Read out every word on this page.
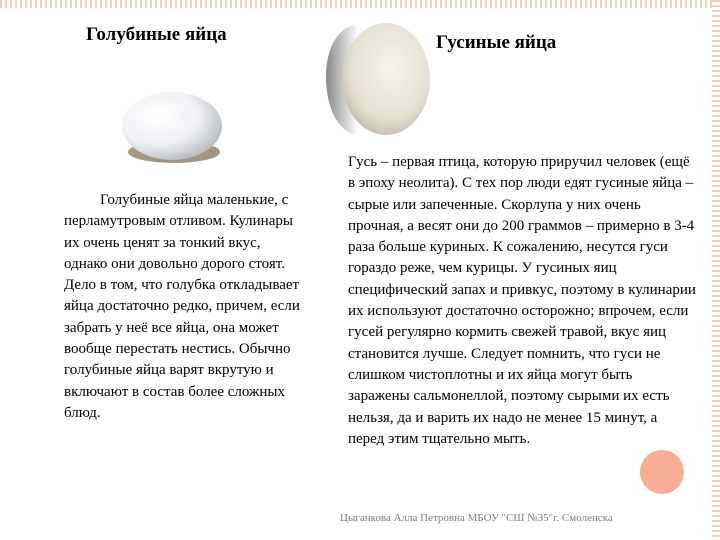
Голубиные яйца
Голубиные яйца маленькие, с перламутровым отливом. Кулинары их очень ценят за тонкий вкус, однако они довольно дорого стоят. Дело в том, что голубка откладывает яйца достаточно редко, причем, если забрать у неё все яйца, она может вообще перестать нестись. Обычно голубиные яйца варят вкрутую и включают в состав более сложных блюд.
Гусиные яйца
Гусь – первая птица, которую приручил человек (ещё в эпоху неолита). С тех пор люди едят гусиные яйца – сырые или запеченные. Скорлупа у них очень прочная, а весят они до 200 граммов – примерно в 3-4 раза больше куриных. К сожалению, несутся гуси гораздо реже, чем курицы. У гусиных яиц специфический запах и привкус, поэтому в кулинарии их используют достаточно осторожно; впрочем, если гусей регулярно кормить свежей травой, вкус яиц становится лучше. Следует помнить, что гуси не слишком чистоплотны и их яйца могут быть заражены сальмонеллой, поэтому сырыми их есть нельзя, да и варить их надо не менее 15 минут, а перед этим тщательно мыть.
Цыганкова Алла Петровна МБОУ "СШ №35"г. Смоленска
